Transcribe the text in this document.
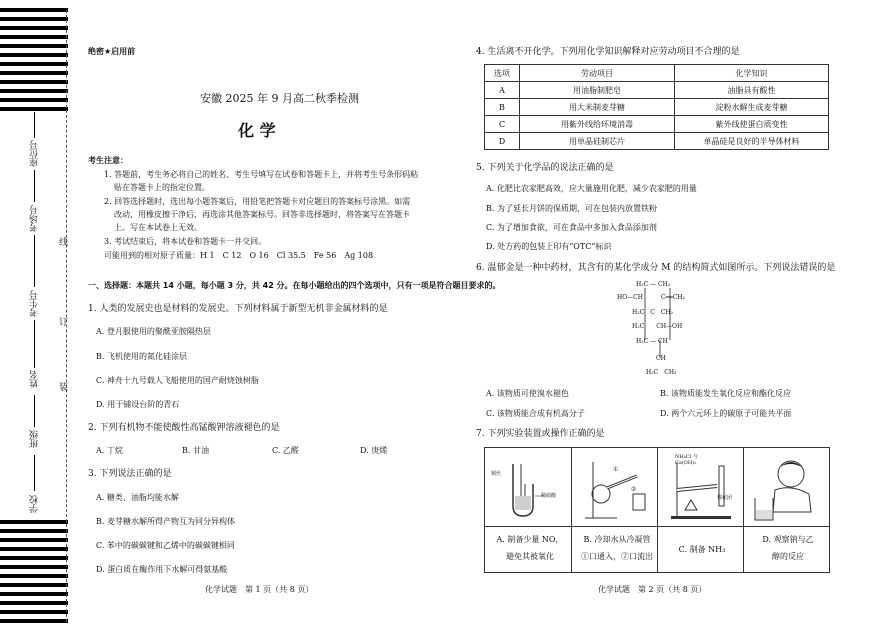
座位号
考场号
考生号
姓名
班级
学校
线
订
装
绝密★启用前
安徽 2025 年 9 月高二秋季检测
化 学
考生注意：
1. 答题前，考生务必将自己的姓名、考生号填写在试卷和答题卡上，并将考生号条形码粘
贴在答题卡上的指定位置。
2. 回答选择题时，选出每小题答案后，用铅笔把答题卡对应题目的答案标号涂黑。如需
改动，用橡皮擦干净后，再选涂其他答案标号。回答非选择题时，将答案写在答题卡
上。写在本试卷上无效。
3. 考试结束后，将本试卷和答题卡一并交回。
可能用到的相对原子质量：H 1　C 12　O 16　Cl 35.5　Fe 56　Ag 108
一、选择题：本题共 14 小题，每小题 3 分，共 42 分。在每小题给出的四个选项中，只有一项是符合题目要求的。
1. 人类的发展史也是材料的发展史。下列材料属于新型无机非金属材料的是
A. 登月服使用的聚酰亚胺隔热层
B. 飞机使用的氮化硅涂层
C. 神舟十九号载人飞船使用的国产耐烧蚀树脂
D. 用于铺设台阶的青石
2. 下列有机物不能使酸性高锰酸钾溶液褪色的是
A. 丁烷	B. 甘油	C. 乙醛	D. 庚烯
3. 下列说法正确的是
A. 糖类、油脂均能水解
B. 麦芽糖水解所得产物互为同分异构体
C. 苯中的碳碳键和乙烯中的碳碳键相同
D. 蛋白质在酶作用下水解可得氨基酸
化学试题　第 1 页（共 8 页）
4. 生活离不开化学。下列用化学知识解释对应劳动项目不合理的是
选项	劳动项目	化学知识
A	用油脂制肥皂	油脂具有酸性
B	用大米制麦芽糖	淀粉水解生成麦芽糖
C	用紫外线给环境消毒	紫外线使蛋白质变性
D	用单晶硅制芯片	单晶硅是良好的半导体材料
5. 下列关于化学品的说法正确的是
A. 化肥比农家肥高效，应大量施用化肥，减少农家肥的用量
B. 为了延长月饼的保质期，可在包装内放置铁粉
C. 为了增加食欲，可在食品中多加入食品添加剂
D. 处方药的包装上印有“OTC”标识
6. 温郁金是一种中药材，其含有的某化学成分 M 的结构简式如图所示。下列说法错误的是
H₂C — CH₂
HO—CH　　　C══CH₂
H₂C　C　CH₂
H₂C　　CH—OH
H₂C — CH
CH
H₃C　CH₃
A. 该物质可使溴水褪色	B. 该物质能发生氧化反应和酯化反应
C. 该物质能合成有机高分子	D. 两个六元环上的碳原子可能共平面
7. 下列实验装置或操作正确的是
铜丝
稀硝酸
①
②
NH₄Cl 与 Ca(OH)₂
棉花团
A. 制备少量 NO，
避免其被氧化
B. 冷却水从冷凝管
①口通入，②口流出
C. 制备 NH₃
D. 观察钠与乙
醇的反应
化学试题　第 2 页（共 8 页）
